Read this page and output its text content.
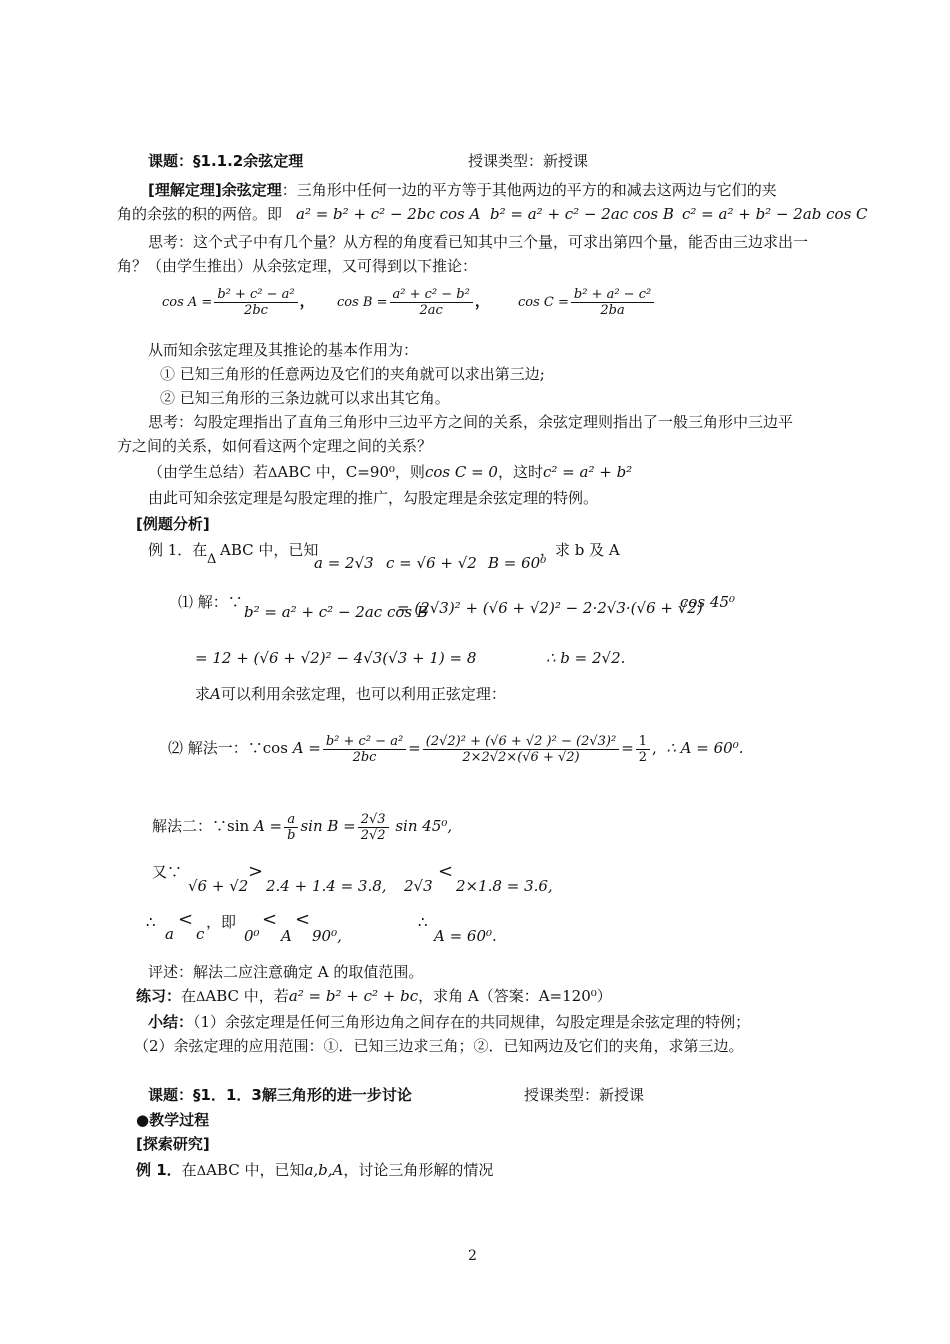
课题：§1.1.2余弦定理	授课类型：新授课
[理解定理]余弦定理：三角形中任何一边的平方等于其他两边的平方的和减去这两边与它们的夹
角的余弦的积的两倍。即 a² = b² + c² − 2bc cos A b² = a² + c² − 2ac cos B c² = a² + b² − 2ab cos C
思考：这个式子中有几个量？从方程的角度看已知其中三个量，可求出第四个量，能否由三边求出一
角？（由学生推出）从余弦定理，又可得到以下推论：
$\cos A = \frac{\text{b² + c² − a²}}{2bc}$ ， $\cos B = \frac{\text{a² + c² − b²}}{2ac}$ ， $\cos C = \frac{\text{b² + a² − c²}}{2ba}$
从而知余弦定理及其推论的基本作用为：
① 已知三角形的任意两边及它们的夹角就可以求出第三边;
② 已知三角形的三条边就可以求出其它角。
思考：勾股定理指出了直角三角形中三边平方之间的关系，余弦定理则指出了一般三角形中三边平
方之间的关系，如何看这两个定理之间的关系？
（由学生总结）若ΔABC 中，C=90⁰，则cos C = 0，这时c² = a² + b²
由此可知余弦定理是勾股定理的推广，勾股定理是余弦定理的特例。
[例题分析]
例 1．在
Δ
ABC 中，已知
a = 2√3 c = √6 + √2 B = 60⁰
，求 b 及 A
⑴ 解：∵
b² = a² + c² − 2ac cos B
= (2√3)² + (√6 + √2)² − 2·2√3·(√6 + √2)
cos 45⁰
= 12 + (√6 + √2)² − 4√3(√3 + 1) = 8	∴ b = 2√2.
求A可以利用余弦定理，也可以利用正弦定理：
⑵ 解法一：∵cos $A = \frac{\text{b² + c² − a²}}{2bc} = \frac{\text{(2√2)² + (√6 + √2 )² − (2√3)²}}{2\times 2√2\times(√6 + √2)} = \frac{1}{2}$ ,  ∴ A = 60⁰.
解法二：∵sin $A = \frac{a}{b}$ $\sin B = \frac{2√3}{2√2}$ sin 45⁰,
又∵
√6 + √2
>
2.4 + 1.4 = 3.8, 2√3
<
2×1.8 = 3.6,
∴
a
<
c
，即
0⁰
<
A
<
90⁰,
∴
A = 60⁰.
评述：解法二应注意确定 A 的取值范围。
练习：在ΔABC 中，若a² = b² + c² + bc，求角 A（答案：A=120⁰）
小结：（1）余弦定理是任何三角形边角之间存在的共同规律，勾股定理是余弦定理的特例；
（2）余弦定理的应用范围：①．已知三边求三角；②．已知两边及它们的夹角，求第三边。
课题：§1．1．3解三角形的进一步讨论	授课类型：新授课
●教学过程
[探索研究]
例 1．在ΔABC 中，已知a,b,A，讨论三角形解的情况
2
